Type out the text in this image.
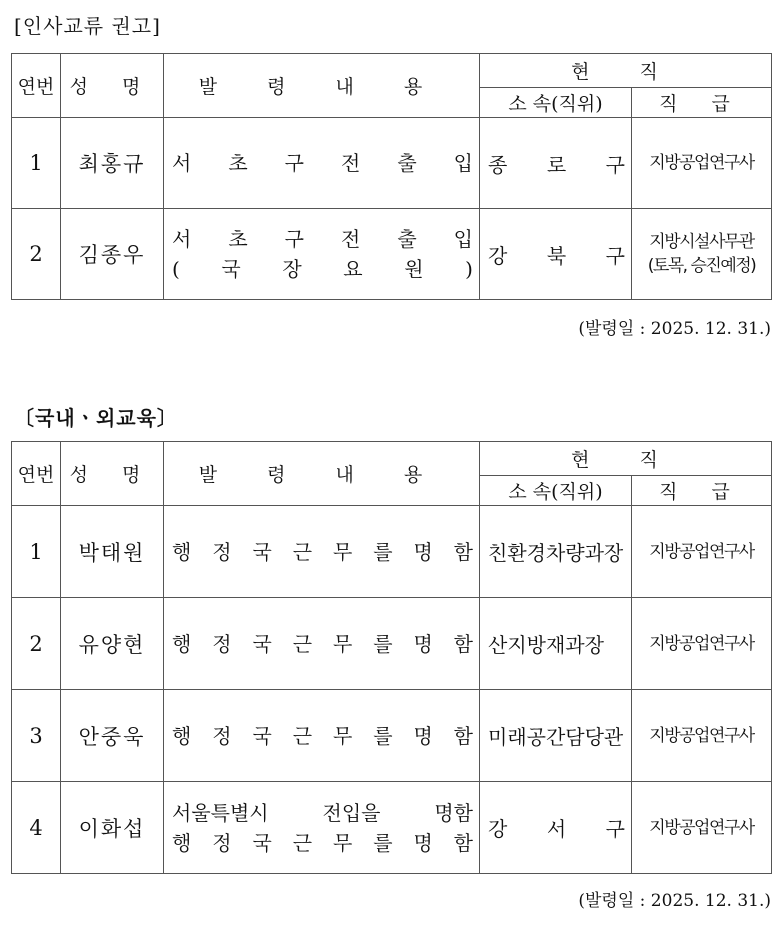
[인사교류 권고]
연번	성 명	발 령 내 용	현 직	
			소 속(직위)	직 급
1	최홍규	서 초 구 전 출 입	종 로 구	지방공업연구사

2	김종우	서 초 구 전 출 입
( 국 장 요 원 )	강 북 구	지방시설사무관
(토목, 승진예정)
(발령일 : 2025. 12. 31.)
〔국내ㆍ외교육〕
연번	성 명	발 령 내 용	현 직	
			소 속(직위)	직 급
1	박태원	행 정 국 근 무 를 명 함	친환경차량과장	지방공업연구사

2	유양현	행 정 국 근 무 를 명 함	산지방재과장	지방공업연구사

3	안중욱	행 정 국 근 무 를 명 함	미래공간담당관	지방공업연구사

4	이화섭	서울특별시 전입을 명함
행 정 국 근 무 를 명 함	강 서 구	지방공업연구사
(발령일 : 2025. 12. 31.)
